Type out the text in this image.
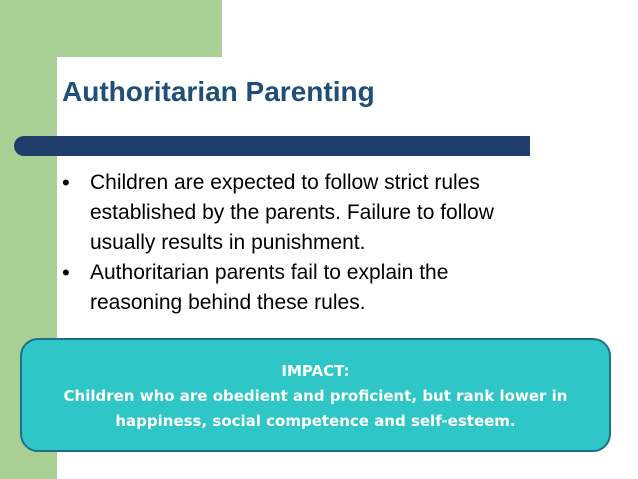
Authoritarian Parenting
• Children are expected to follow strict rules
established by the parents. Failure to follow
usually results in punishment.
• Authoritarian parents fail to explain the
reasoning behind these rules.
IMPACT:
Children who are obedient and proficient, but rank lower in
happiness, social competence and self-esteem.
